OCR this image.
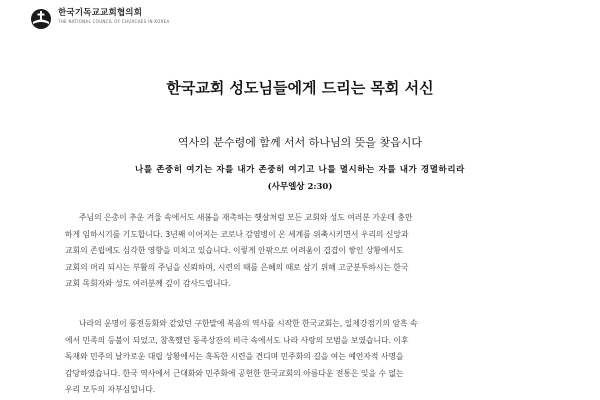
한국기독교교회협의회
THE NATIONAL COUNCIL OF CHURCHES IN KOREA
한국교회 성도님들에게 드리는 목회 서신
역사의 분수령에 함께 서서 하나님의 뜻을 찾읍시다
나를 존중히 여기는 자를 내가 존중히 여기고 나를 멸시하는 자를 내가 경멸하리라
(사무엘상 2:30)
주님의 은총이 추운 겨울 속에서도 새봄을 재촉하는 햇살처럼 모든 교회와 성도 여러분 가운데 충만
하게 임하시기를 기도합니다. 3년째 이어지는 코로나 감염병이 온 세계를 위축시키면서 우리의 신앙과
교회의 존립에도 심각한 영향을 미치고 있습니다. 이렇게 안팎으로 어려움이 겹겹이 쌓인 상황에서도
교회의 머리 되시는 부활의 주님을 신뢰하며, 시련의 때를 은혜의 때로 삼기 위해 고군분투하시는 한국
교회 목회자와 성도 여러분께 깊이 감사드립니다.
나라의 운명이 풍전등화와 같았던 구한말에 복음의 역사를 시작한 한국교회는, 일제강점기의 암흑 속
에서 민족의 등불이 되었고, 참혹했던 동족상잔의 비극 속에서도 나라 사랑의 모범을 보였습니다. 이후
독재와 민주의 날카로운 대립 상황에서는 혹독한 시련을 견디며 민주화의 길을 여는 예언자적 사명을
감당하였습니다. 한국 역사에서 근대화와 민주화에 공헌한 한국교회의 아름다운 전통은 잊을 수 없는
우리 모두의 자부심입니다.
